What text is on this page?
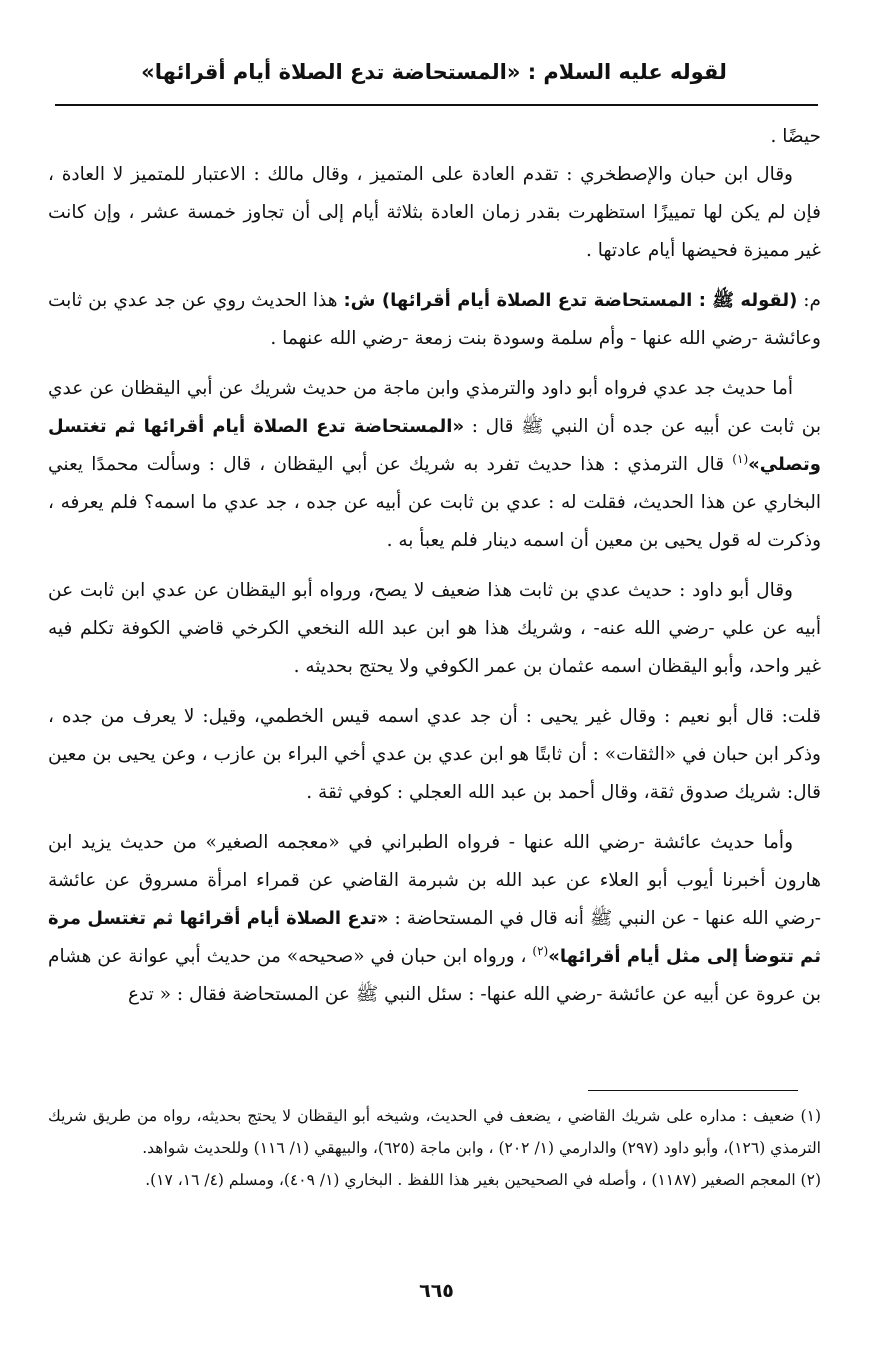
لقوله عليه السلام : «المستحاضة تدع الصلاة أيام أقرائها»

حيضًا .

وقال ابن حبان والإصطخري : تقدم العادة على المتميز ، وقال مالك : الاعتبار للمتميز لا العادة ، فإن لم يكن لها تمييزًا استظهرت بقدر زمان العادة بثلاثة أيام إلى أن تجاوز خمسة عشر ، وإن كانت غير مميزة فحيضها أيام عادتها .

م: (لقوله ﷺ : المستحاضة تدع الصلاة أيام أقرائها) ش: هذا الحديث روي عن جد عدي بن ثابت وعائشة -رضي الله عنها - وأم سلمة وسودة بنت زمعة -رضي الله عنهما .

أما حديث جد عدي فرواه أبو داود والترمذي وابن ماجة من حديث شريك عن أبي اليقظان عن عدي بن ثابت عن أبيه عن جده أن النبي ﷺ قال : «المستحاضة تدع الصلاة أيام أقرائها ثم تغتسل وتصلي»$^{(١)}$ قال الترمذي : هذا حديث تفرد به شريك عن أبي اليقظان ، قال : وسألت محمدًا يعني البخاري عن هذا الحديث، فقلت له : عدي بن ثابت عن أبيه عن جده ، جد عدي ما اسمه؟ فلم يعرفه ، وذكرت له قول يحيى بن معين أن اسمه دينار فلم يعبأ به .

وقال أبو داود : حديث عدي بن ثابت هذا ضعيف لا يصح، ورواه أبو اليقظان عن عدي ابن ثابت عن أبيه عن علي -رضي الله عنه- ، وشريك هذا هو ابن عبد الله النخعي الكرخي قاضي الكوفة تكلم فيه غير واحد، وأبو اليقظان اسمه عثمان بن عمر الكوفي ولا يحتج بحديثه .

قلت: قال أبو نعيم : وقال غير يحيى : أن جد عدي اسمه قيس الخطمي، وقيل: لا يعرف من جده ، وذكر ابن حبان في «الثقات» : أن ثابتًا هو ابن عدي بن عدي أخي البراء بن عازب ، وعن يحيى بن معين قال: شريك صدوق ثقة، وقال أحمد بن عبد الله العجلي : كوفي ثقة .

وأما حديث عائشة -رضي الله عنها - فرواه الطبراني في «معجمه الصغير» من حديث يزيد ابن هارون أخبرنا أيوب أبو العلاء عن عبد الله بن شبرمة القاضي عن قمراء امرأة مسروق عن عائشة -رضي الله عنها - عن النبي ﷺ أنه قال في المستحاضة : «تدع الصلاة أيام أقرائها ثم تغتسل مرة ثم تتوضأ إلى مثل أيام أقرائها»$^{(٢)}$ ، ورواه ابن حبان في «صحيحه» من حديث أبي عوانة عن هشام بن عروة عن أبيه عن عائشة -رضي الله عنها- : سئل النبي ﷺ عن المستحاضة فقال : « تدع

(١) ضعيف : مداره على شريك القاضي ، يضعف في الحديث، وشيخه أبو اليقظان لا يحتج بحديثه، رواه من طريق شريك الترمذي (١٢٦)، وأبو داود (٢٩٧) والدارمي (١/ ٢٠٢) ، وابن ماجة (٦٢٥)، والبيهقي (١/ ١١٦) وللحديث شواهد.

(٢) المعجم الصغير (١١٨٧) ، وأصله في الصحيحين بغير هذا اللفظ . البخاري (١/ ٤٠٩)، ومسلم (٤/ ١٦، ١٧).

٦٦٥
